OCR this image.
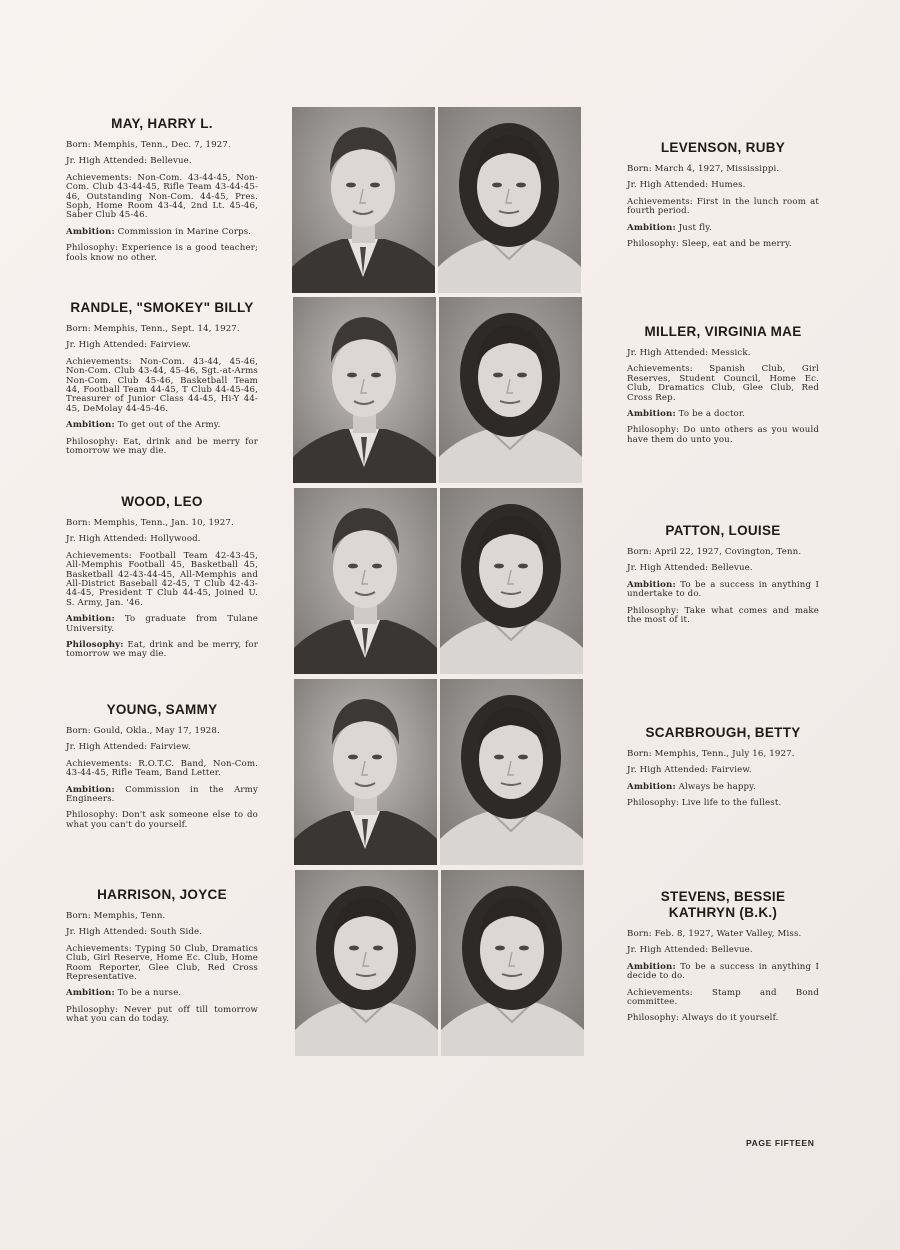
MAY, HARRY L.
Born: Memphis, Tenn., Dec. 7, 1927.
Jr. High Attended: Bellevue.
Achievements: Non-Com. 43-44-45, Non-Com. Club 43-44-45, Rifle Team 43-44-45-46, Outstanding Non-Com. 44-45, Pres. Soph, Home Room 43-44, 2nd Lt. 45-46, Saber Club 45-46.
Ambition: Commission in Marine Corps.
Philosophy: Experience is a good teacher; fools know no other.
RANDLE, "SMOKEY" BILLY
Born: Memphis, Tenn., Sept. 14, 1927.
Jr. High Attended: Fairview.
Achievements: Non-Com. 43-44, 45-46, Non-Com. Club 43-44, 45-46, Sgt.-at-Arms Non-Com. Club 45-46, Basketball Team 44, Football Team 44-45, T Club 44-45-46, Treasurer of Junior Class 44-45, Hi-Y 44-45, DeMolay 44-45-46.
Ambition: To get out of the Army.
Philosophy: Eat, drink and be merry for tomorrow we may die.
WOOD, LEO
Born: Memphis, Tenn., Jan. 10, 1927.
Jr. High Attended: Hollywood.
Achievements: Football Team 42-43-45, All-Memphis Football 45, Basketball 45, Basketball 42-43-44-45, All-Memphis and All-District Baseball 42-45, T Club 42-43-44-45, President T Club 44-45, Joined U. S. Army, Jan. '46.
Ambition: To graduate from Tulane University.
Philosophy: Eat, drink and be merry, for tomorrow we may die.
YOUNG, SAMMY
Born: Gould, Okla., May 17, 1928.
Jr. High Attended: Fairview.
Achievements: R.O.T.C. Band, Non-Com. 43-44-45, Rifle Team, Band Letter.
Ambition: Commission in the Army Engineers.
Philosophy: Don't ask someone else to do what you can't do yourself.
HARRISON, JOYCE
Born: Memphis, Tenn.
Jr. High Attended: South Side.
Achievements: Typing 50 Club, Dramatics Club, Girl Reserve, Home Ec. Club, Home Room Reporter, Glee Club, Red Cross Representative.
Ambition: To be a nurse.
Philosophy: Never put off till tomorrow what you can do today.
LEVENSON, RUBY
Born: March 4, 1927, Mississippi.
Jr. High Attended: Humes.
Achievements: First in the lunch room at fourth period.
Ambition: Just fly.
Philosophy: Sleep, eat and be merry.
MILLER, VIRGINIA MAE
Jr. High Attended: Messick.
Achievements: Spanish Club, Girl Reserves, Student Council, Home Ec. Club, Dramatics Club, Glee Club, Red Cross Rep.
Ambition: To be a doctor.
Philosophy: Do unto others as you would have them do unto you.
PATTON, LOUISE
Born: April 22, 1927, Covington, Tenn.
Jr. High Attended: Bellevue.
Ambition: To be a success in anything I undertake to do.
Philosophy: Take what comes and make the most of it.
SCARBROUGH, BETTY
Born: Memphis, Tenn., July 16, 1927.
Jr. High Attended: Fairview.
Ambition: Always be happy.
Philosophy: Live life to the fullest.
STEVENS, BESSIE KATHRYN (B.K.)
Born: Feb. 8, 1927, Water Valley, Miss.
Jr. High Attended: Bellevue.
Ambition: To be a success in anything I decide to do.
Achievements: Stamp and Bond committee.
Philosophy: Always do it yourself.
PAGE FIFTEEN
